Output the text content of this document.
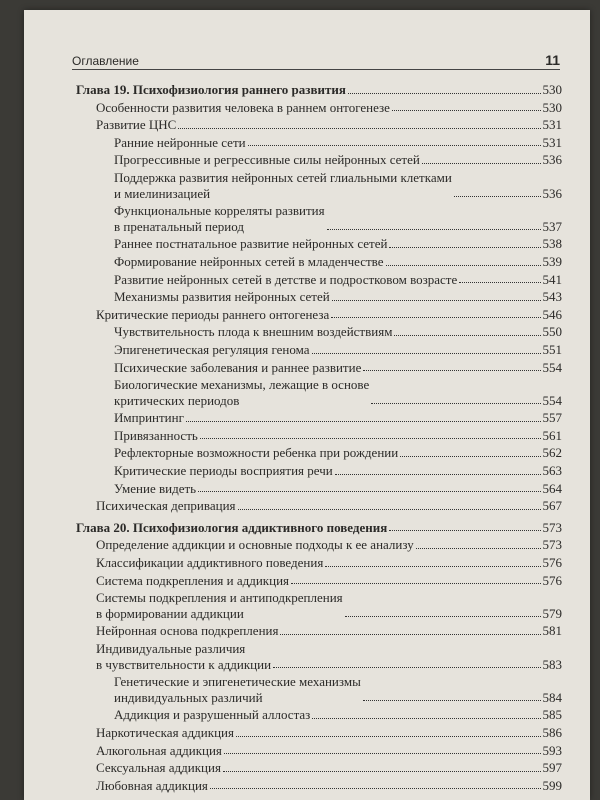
Оглавление	11
Глава 19. Психофизиология раннего развития	530
Особенности развития человека в раннем онтогенезе	530
Развитие ЦНС	531
Ранние нейронные сети	531
Прогрессивные и регрессивные силы нейронных сетей	536
Поддержка развития нейронных сетей глиальными клетками
и миелинизацией	536
Функциональные корреляты развития
в пренатальный период	537
Раннее постнатальное развитие нейронных сетей	538
Формирование нейронных сетей в младенчестве	539
Развитие нейронных сетей в детстве и подростковом возрасте	541
Механизмы развития нейронных сетей	543
Критические периоды раннего онтогенеза	546
Чувствительность плода к внешним воздействиям	550
Эпигенетическая регуляция генома	551
Психические заболевания и раннее развитие	554
Биологические механизмы, лежащие в основе
критических периодов	554
Импринтинг	557
Привязанность	561
Рефлекторные возможности ребенка при рождении	562
Критические периоды восприятия речи	563
Умение видеть	564
Психическая депривация	567
Глава 20. Психофизиология аддиктивного поведения	573
Определение аддикции и основные подходы к ее анализу	573
Классификации аддиктивного поведения	576
Система подкрепления и аддикция	576
Системы подкрепления и антиподкрепления
в формировании аддикции	579
Нейронная основа подкрепления	581
Индивидуальные различия
в чувствительности к аддикции	583
Генетические и эпигенетические механизмы
индивидуальных различий	584
Аддикция и разрушенный аллостаз	585
Наркотическая аддикция	586
Алкогольная аддикция	593
Сексуальная аддикция	597
Любовная аддикция	599
